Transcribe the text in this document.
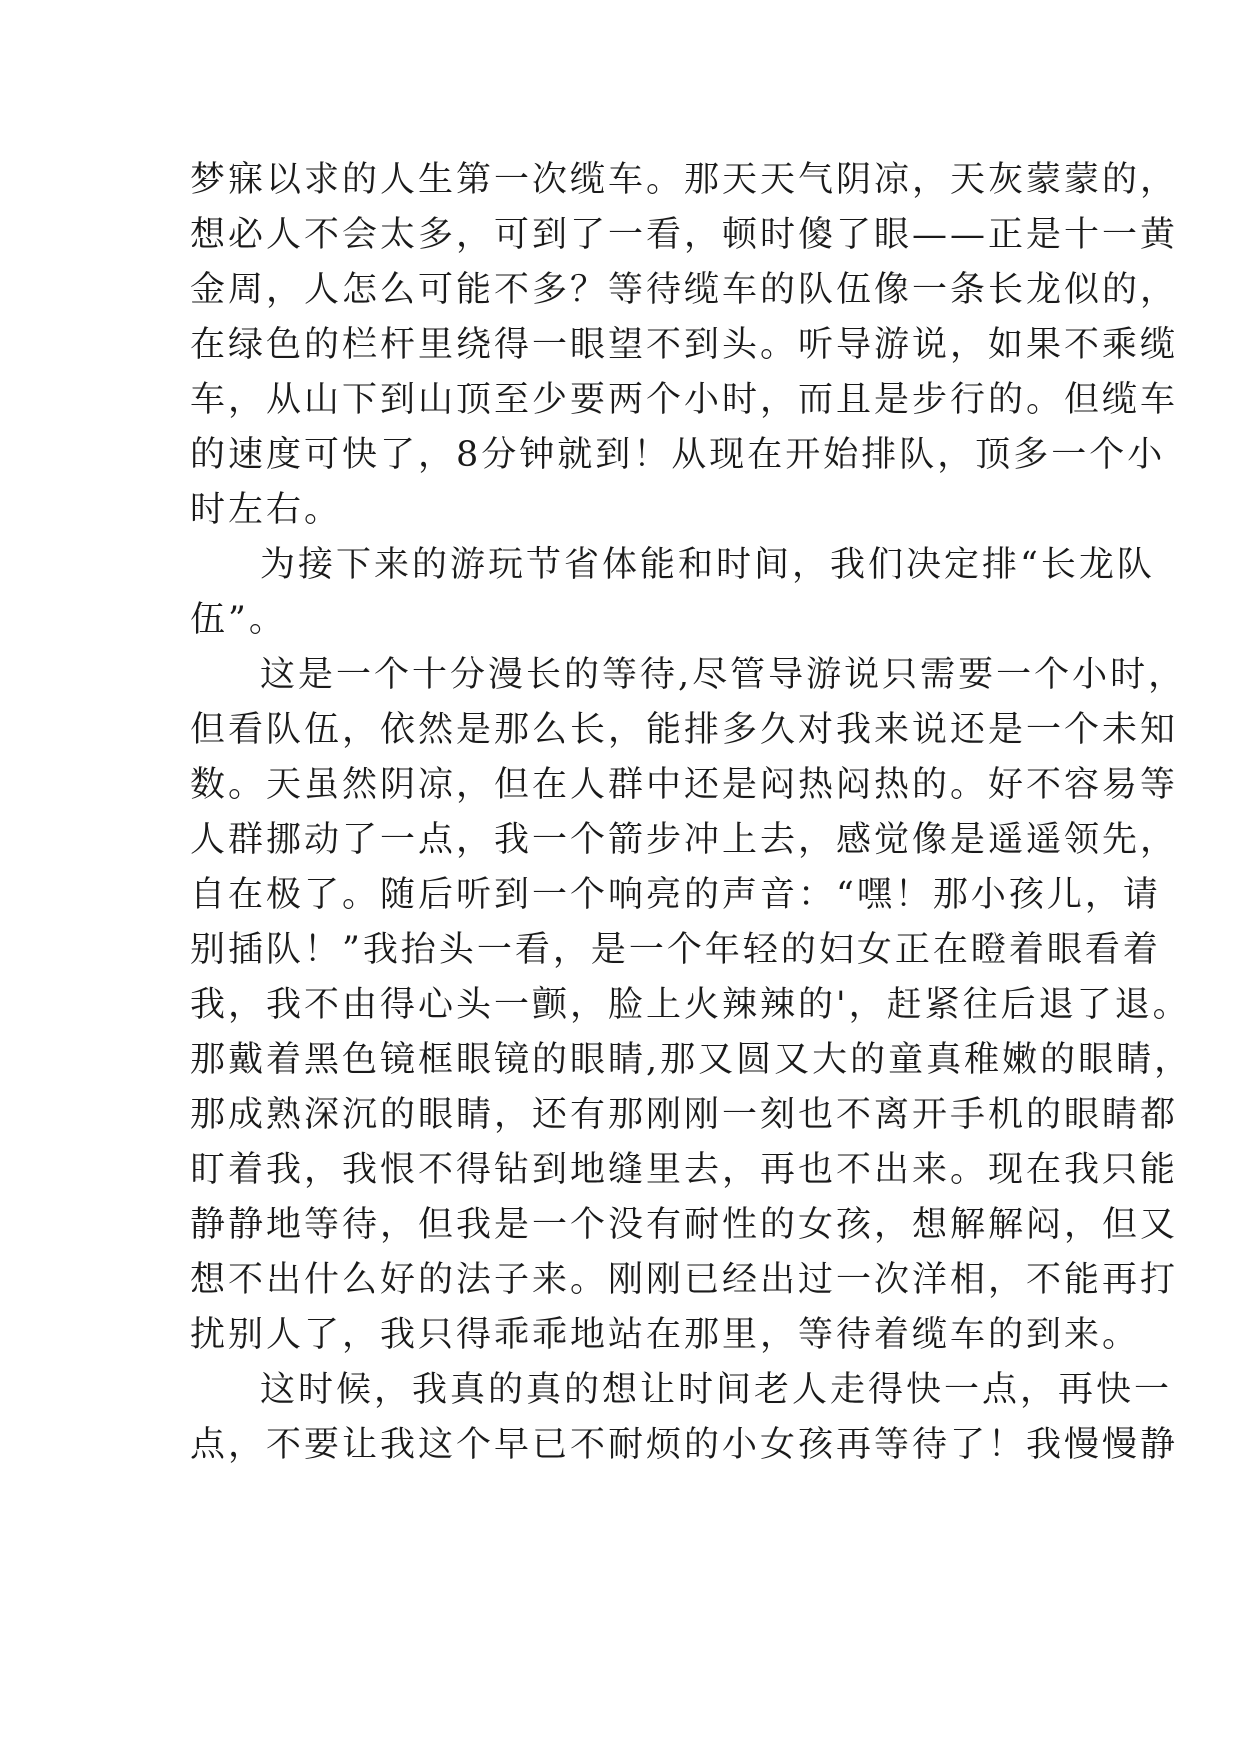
梦寐以求的人生第一次缆车。那天天气阴凉，天灰蒙蒙的，

想必人不会太多，可到了一看，顿时傻了眼——正是十一黄

金周，人怎么可能不多？等待缆车的队伍像一条长龙似的，

在绿色的栏杆里绕得一眼望不到头。听导游说，如果不乘缆

车，从山下到山顶至少要两个小时，而且是步行的。但缆车

的速度可快了，8分钟就到！从现在开始排队，顶多一个小

时左右。

为接下来的游玩节省体能和时间，我们决定排“长龙队

伍”。

这是一个十分漫长的等待,尽管导游说只需要一个小时，

但看队伍，依然是那么长，能排多久对我来说还是一个未知

数。天虽然阴凉，但在人群中还是闷热闷热的。好不容易等

人群挪动了一点，我一个箭步冲上去，感觉像是遥遥领先，

自在极了。随后听到一个响亮的声音：“嘿！那小孩儿，请

别插队！”我抬头一看，是一个年轻的妇女正在瞪着眼看着

我，我不由得心头一颤，脸上火辣辣的'，赶紧往后退了退。

那戴着黑色镜框眼镜的眼睛,那又圆又大的童真稚嫩的眼睛，

那成熟深沉的眼睛，还有那刚刚一刻也不离开手机的眼睛都

盯着我，我恨不得钻到地缝里去，再也不出来。现在我只能

静静地等待，但我是一个没有耐性的女孩，想解解闷，但又

想不出什么好的法子来。刚刚已经出过一次洋相，不能再打

扰别人了，我只得乖乖地站在那里，等待着缆车的到来。

这时候，我真的真的想让时间老人走得快一点，再快一

点，不要让我这个早已不耐烦的小女孩再等待了！我慢慢静
